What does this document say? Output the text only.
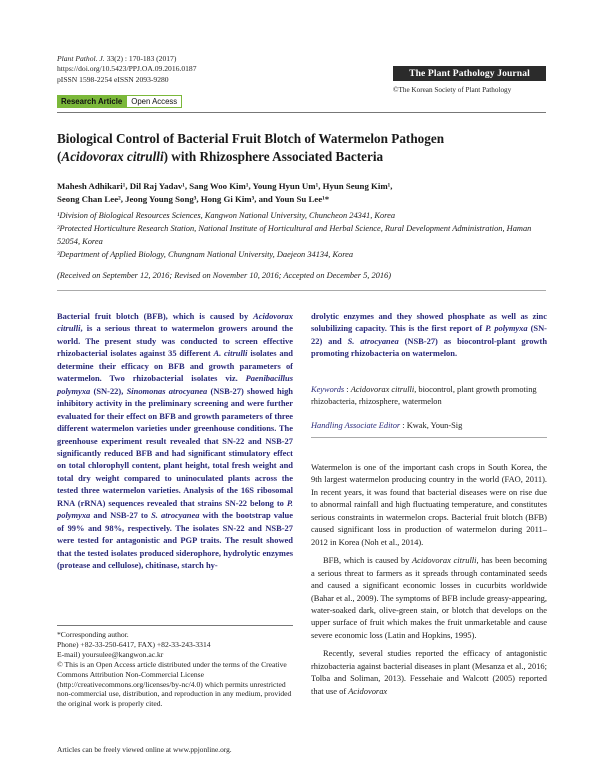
Plant Pathol. J. 33(2) : 170-183 (2017)
https://doi.org/10.5423/PPJ.OA.09.2016.0187
pISSN 1598-2254 eISSN 2093-9280
The Plant Pathology Journal
©The Korean Society of Plant Pathology
Research Article	Open Access
Biological Control of Bacterial Fruit Blotch of Watermelon Pathogen
(Acidovorax citrulli) with Rhizosphere Associated Bacteria
Mahesh Adhikari¹, Dil Raj Yadav¹, Sang Woo Kim¹, Young Hyun Um¹, Hyun Seung Kim¹,
Seong Chan Lee², Jeong Young Song³, Hong Gi Kim³, and Youn Su Lee¹*

¹Division of Biological Resources Sciences, Kangwon National University, Chuncheon 24341, Korea

²Protected Horticulture Research Station, National Institute of Horticultural and Herbal Science, Rural Development Administration, Haman 52054, Korea

³Department of Applied Biology, Chungnam National University, Daejeon 34134, Korea

(Received on September 12, 2016; Revised on November 10, 2016; Accepted on December 5, 2016)
Bacterial fruit blotch (BFB), which is caused by Acidovorax citrulli, is a serious threat to watermelon growers around the world. The present study was conducted to screen effective rhizobacterial isolates against 35 different A. citrulli isolates and determine their efficacy on BFB and growth parameters of watermelon. Two rhizobacterial isolates viz. Paenibacillus polymyxa (SN-22), Sinomonas atrocyanea (NSB-27) showed high inhibitory activity in the preliminary screening and were further evaluated for their effect on BFB and growth parameters of three different watermelon varieties under greenhouse conditions. The greenhouse experiment result revealed that SN-22 and NSB-27 significantly reduced BFB and had significant stimulatory effect on total chlorophyll content, plant height, total fresh weight and total dry weight compared to uninoculated plants across the tested three watermelon varieties. Analysis of the 16S ribosomal RNA (rRNA) sequences revealed that strains SN-22 belong to P. polymyxa and NSB-27 to S. atrocyanea with the bootstrap value of 99% and 98%, respectively. The isolates SN-22 and NSB-27 were tested for antagonistic and PGP traits. The result showed that the tested isolates produced siderophore, hydrolytic enzymes (protease and cellulose), chitinase, starch hy-
drolytic enzymes and they showed phosphate as well as zinc solubilizing capacity. This is the first report of P. polymyxa (SN-22) and S. atrocyanea (NSB-27) as biocontrol-plant growth promoting rhizobacteria on watermelon.
Keywords : Acidovorax citrulli, biocontrol, plant growth promoting rhizobacteria, rhizosphere, watermelon
Handling Associate Editor : Kwak, Youn-Sig

Watermelon is one of the important cash crops in South Korea, the 9th largest watermelon producing country in the world (FAO, 2011). In recent years, it was found that bacterial diseases were on rise due to abnormal rainfall and high fluctuating temperature, and constitutes serious constraints in watermelon crops. Bacterial fruit blotch (BFB) caused significant loss in production of watermelon during 2011–2012 in Korea (Noh et al., 2014).

BFB, which is caused by Acidovorax citrulli, has been becoming a serious threat to farmers as it spreads through contaminated seeds and caused a significant economic losses in cucurbits worldwide (Bahar et al., 2009). The symptoms of BFB include greasy-appearing, water-soaked dark, olive-green stain, or blotch that develops on the upper surface of fruit which makes the fruit unmarketable and cause severe economic loss (Latin and Hopkins, 1995).

Recently, several studies reported the efficacy of antagonistic rhizobacteria against bacterial diseases in plant (Mesanza et al., 2016; Tolba and Soliman, 2013). Fessehaie and Walcott (2005) reported that use of Acidovorax

*Corresponding author.

Phone) +82-33-250-6417, FAX) +82-33-243-3314

E-mail) yoursulee@kangwon.ac.kr

© This is an Open Access article distributed under the terms of the Creative Commons Attribution Non-Commercial License (http://creativecommons.org/licenses/by-nc/4.0) which permits unrestricted non-commercial use, distribution, and reproduction in any medium, provided the original work is properly cited.

Articles can be freely viewed online at www.ppjonline.org.
